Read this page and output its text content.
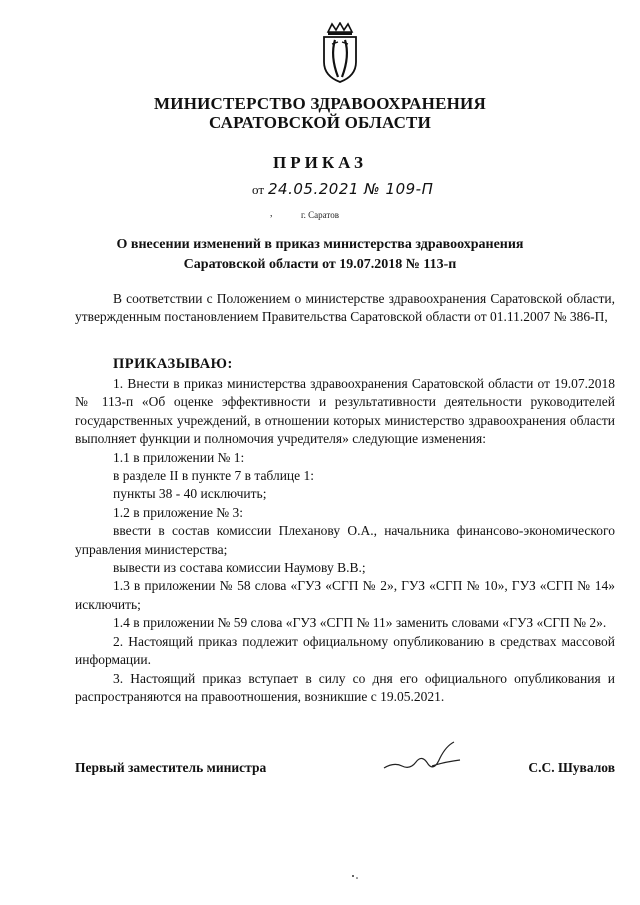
МИНИСТЕРСТВО ЗДРАВООХРАНЕНИЯ
САРАТОВСКОЙ ОБЛАСТИ
ПРИКАЗ
от 24.05.2021 № 109-П
,	г. Саратов
О внесении изменений в приказ министерства здравоохранения
Саратовской области от 19.07.2018 № 113-п

В соответствии с Положением о министерстве здравоохранения Саратовской области, утвержденным постановлением Правительства Саратовской области от 01.11.2007 № 386-П,

ПРИКАЗЫВАЮ:

1. Внести в приказ министерства здравоохранения Саратовской области от 19.07.2018 № 113-п «Об оценке эффективности и результативности деятельности руководителей государственных учреждений, в отношении которых министерство здравоохранения области выполняет функции и полномочия учредителя» следующие изменения:

1.1 в приложении № 1:

в разделе II в пункте 7 в таблице 1:

пункты 38 - 40 исключить;

1.2 в приложение № 3:

ввести в состав комиссии Плеханову О.А., начальника финансово-экономического управления министерства;

вывести из состава комиссии Наумову В.В.;

1.3 в приложении № 58 слова «ГУЗ «СГП № 2», ГУЗ «СГП № 10», ГУЗ «СГП № 14» исключить;

1.4 в приложении № 59 слова «ГУЗ «СГП № 11» заменить словами «ГУЗ «СГП № 2».

2. Настоящий приказ подлежит официальному опубликованию в средствах массовой информации.

3. Настоящий приказ вступает в силу со дня его официального опубликования и распространяются на правоотношения, возникшие с 19.05.2021.

Первый заместитель министра	С.С. Шувалов
